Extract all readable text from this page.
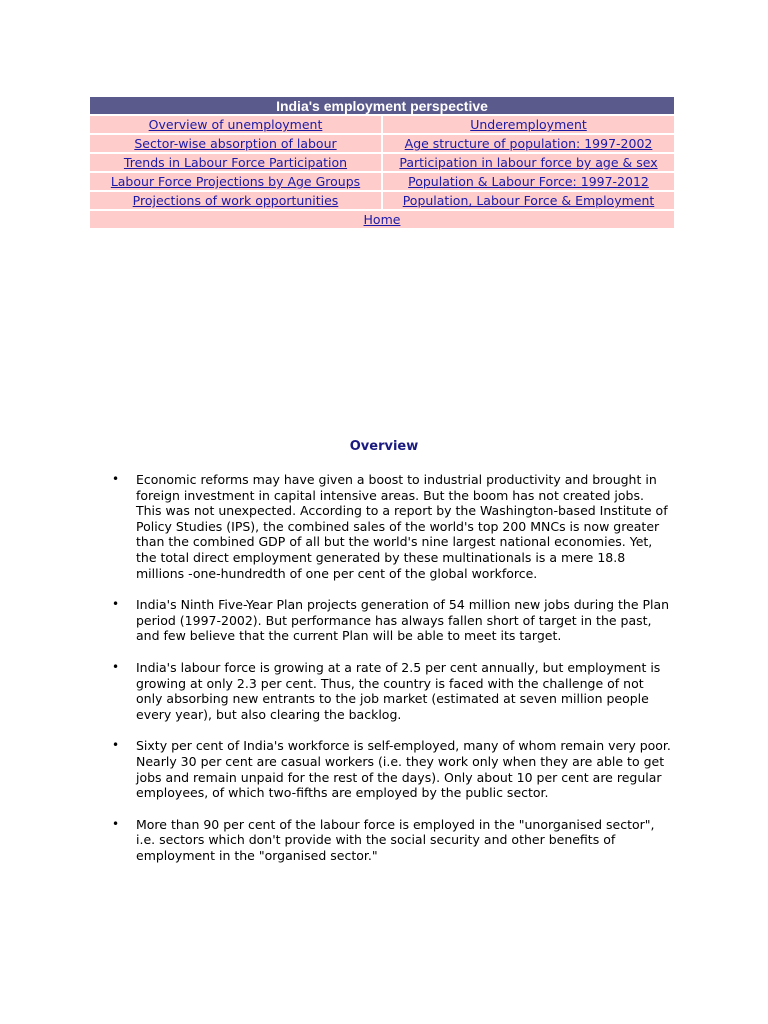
India's employment perspective	
Overview of unemployment	Underemployment
Sector-wise absorption of labour	Age structure of population: 1997-2002
Trends in Labour Force Participation	Participation in labour force by age & sex
Labour Force Projections by Age Groups	Population & Labour Force: 1997-2012
Projections of work opportunities	Population, Labour Force & Employment
Home	
Overview
• Economic reforms may have given a boost to industrial productivity and brought in foreign investment in capital intensive areas. But the boom has not created jobs. This was not unexpected. According to a report by the Washington-based Institute of Policy Studies (IPS), the combined sales of the world's top 200 MNCs is now greater than the combined GDP of all but the world's nine largest national economies. Yet, the total direct employment generated by these multinationals is a mere 18.8 millions -one-hundredth of one per cent of the global workforce.
• India's Ninth Five-Year Plan projects generation of 54 million new jobs during the Plan period (1997-2002). But performance has always fallen short of target in the past, and few believe that the current Plan will be able to meet its target.
• India's labour force is growing at a rate of 2.5 per cent annually, but employment is growing at only 2.3 per cent. Thus, the country is faced with the challenge of not only absorbing new entrants to the job market (estimated at seven million people every year), but also clearing the backlog.
• Sixty per cent of India's workforce is self-employed, many of whom remain very poor. Nearly 30 per cent are casual workers (i.e. they work only when they are able to get jobs and remain unpaid for the rest of the days). Only about 10 per cent are regular employees, of which two-fifths are employed by the public sector.
• More than 90 per cent of the labour force is employed in the "unorganised sector", i.e. sectors which don't provide with the social security and other benefits of employment in the "organised sector."
